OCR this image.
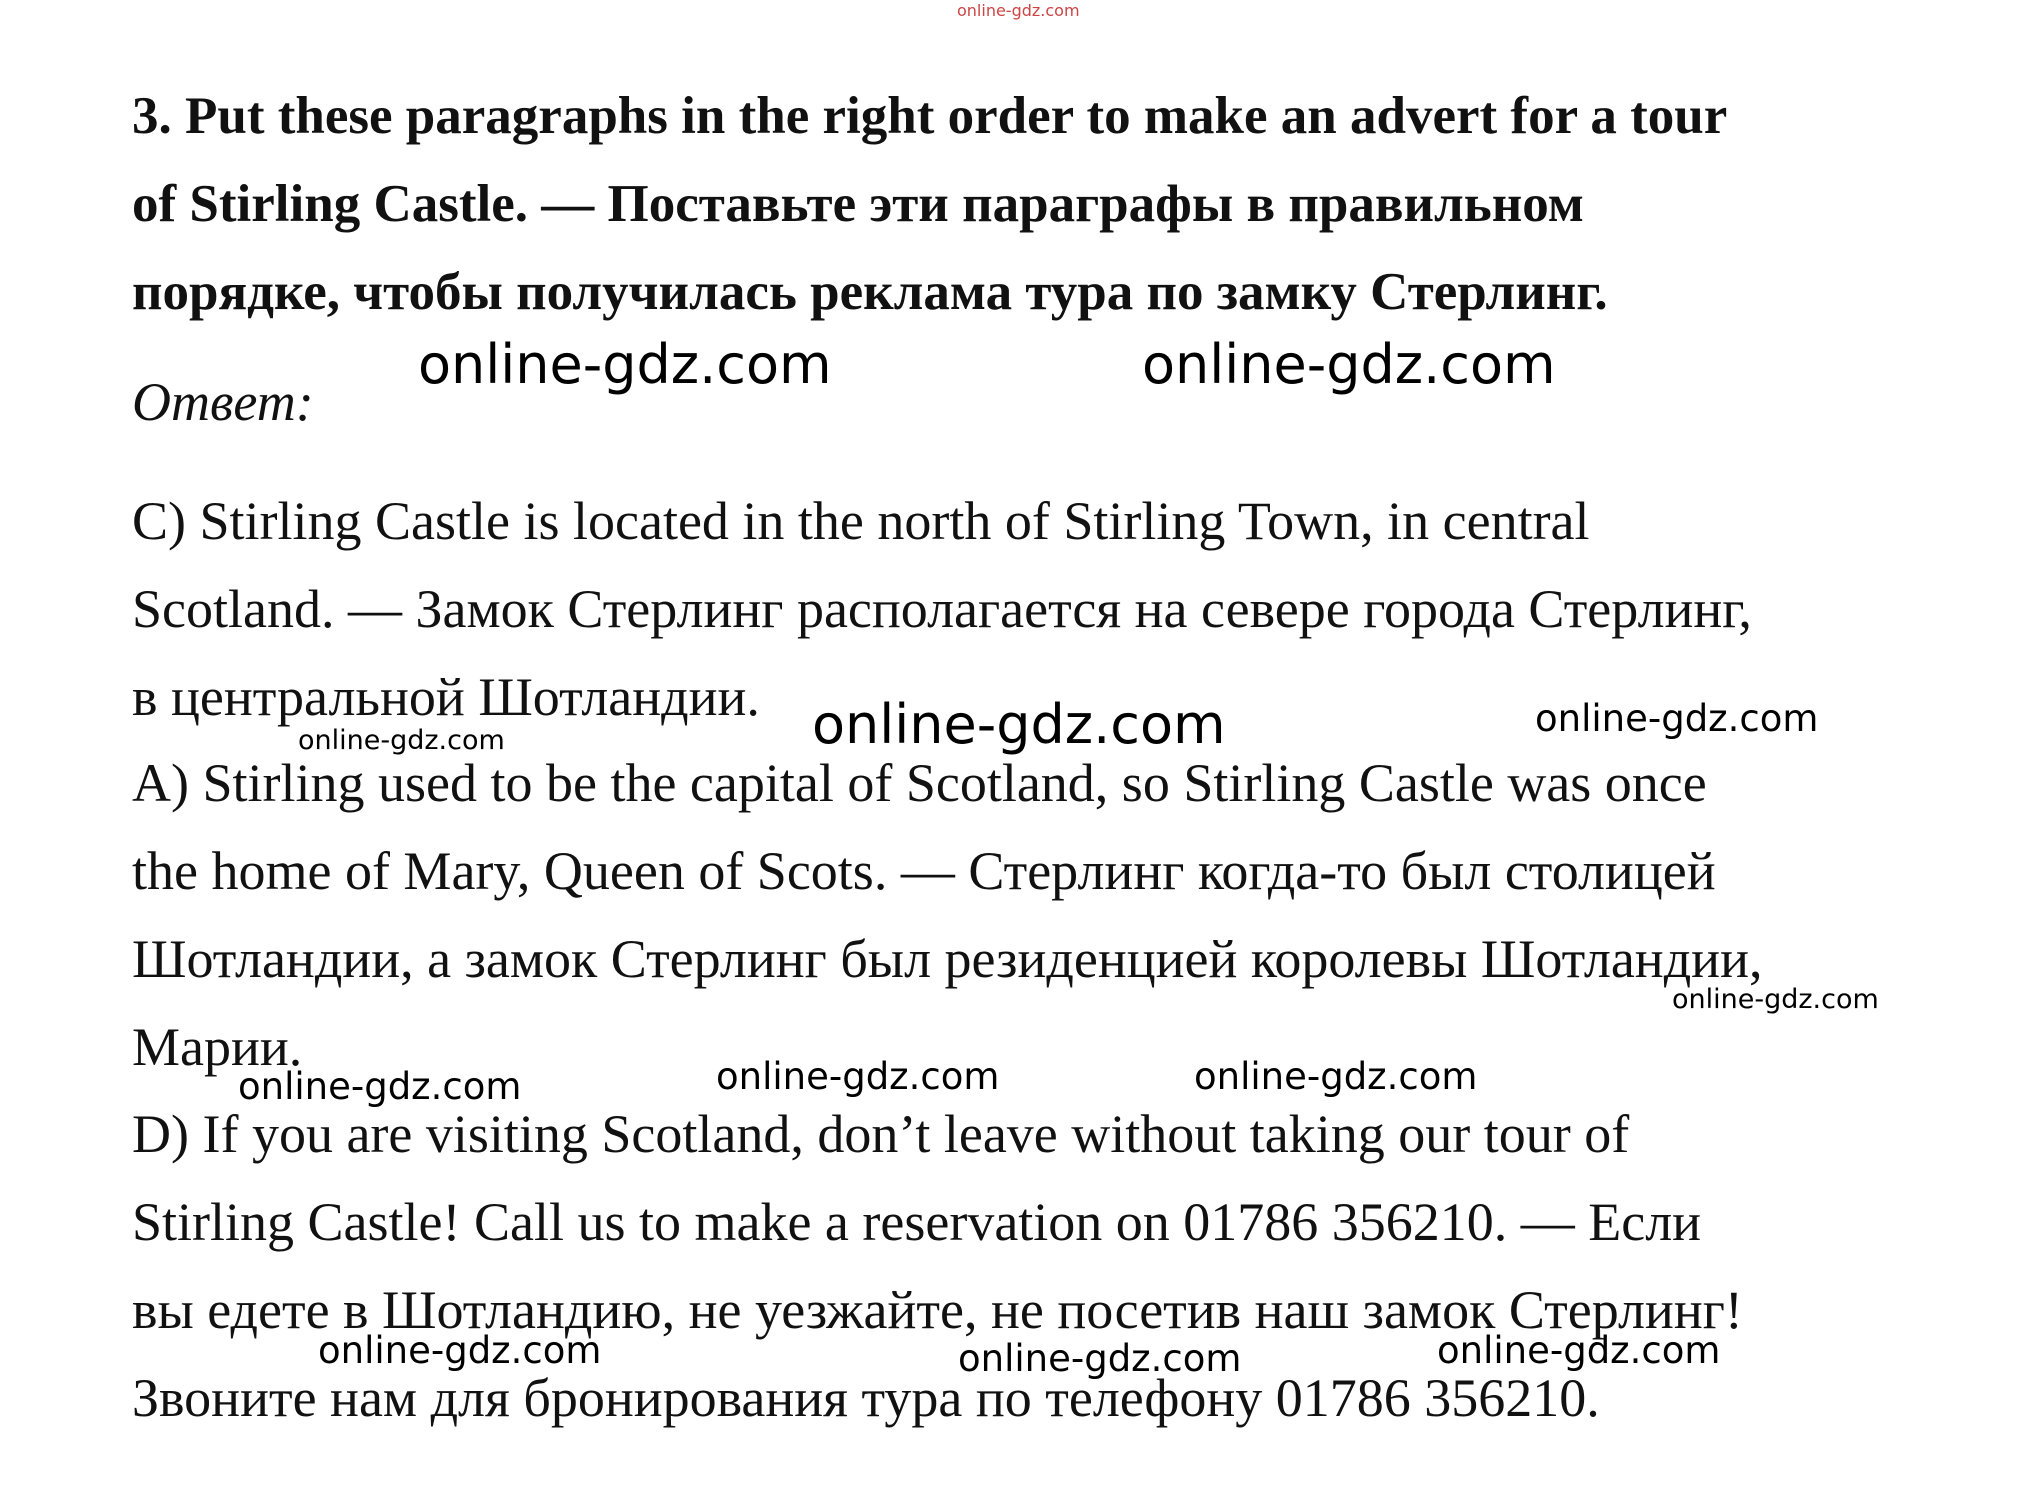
online-gdz.com
3. Put these paragraphs in the right order to make an advert for a tour
of Stirling Castle. — Поставьте эти параграфы в правильном
порядке, чтобы получилась реклама тура по замку Стерлинг.

Ответ:

online-gdz.com	online-gdz.com

C) Stirling Castle is located in the north of Stirling Town, in central
Scotland. — Замок Стерлинг располагается на севере города Стерлинг,
в центральной Шотландии. online-gdz.com	online-gdz.com
online-gdz.com

A) Stirling used to be the capital of Scotland, so Stirling Castle was once
the home of Mary, Queen of Scots. — Стерлинг когда-то был столицей
Шотландии, а замок Стерлинг был резиденцией королевы Шотландии,
Марии.

online-gdz.com
online-gdz.com	online-gdz.com	online-gdz.com

D) If you are visiting Scotland, don’t leave without taking our tour of
Stirling Castle! Call us to make a reservation on 01786 356210. — Если
вы едете в Шотландию, не уезжайте, не посетив наш замок Стерлинг!
Звоните нам для бронирования тура по телефону 01786 356210.

online-gdz.com	online-gdz.com	online-gdz.com
